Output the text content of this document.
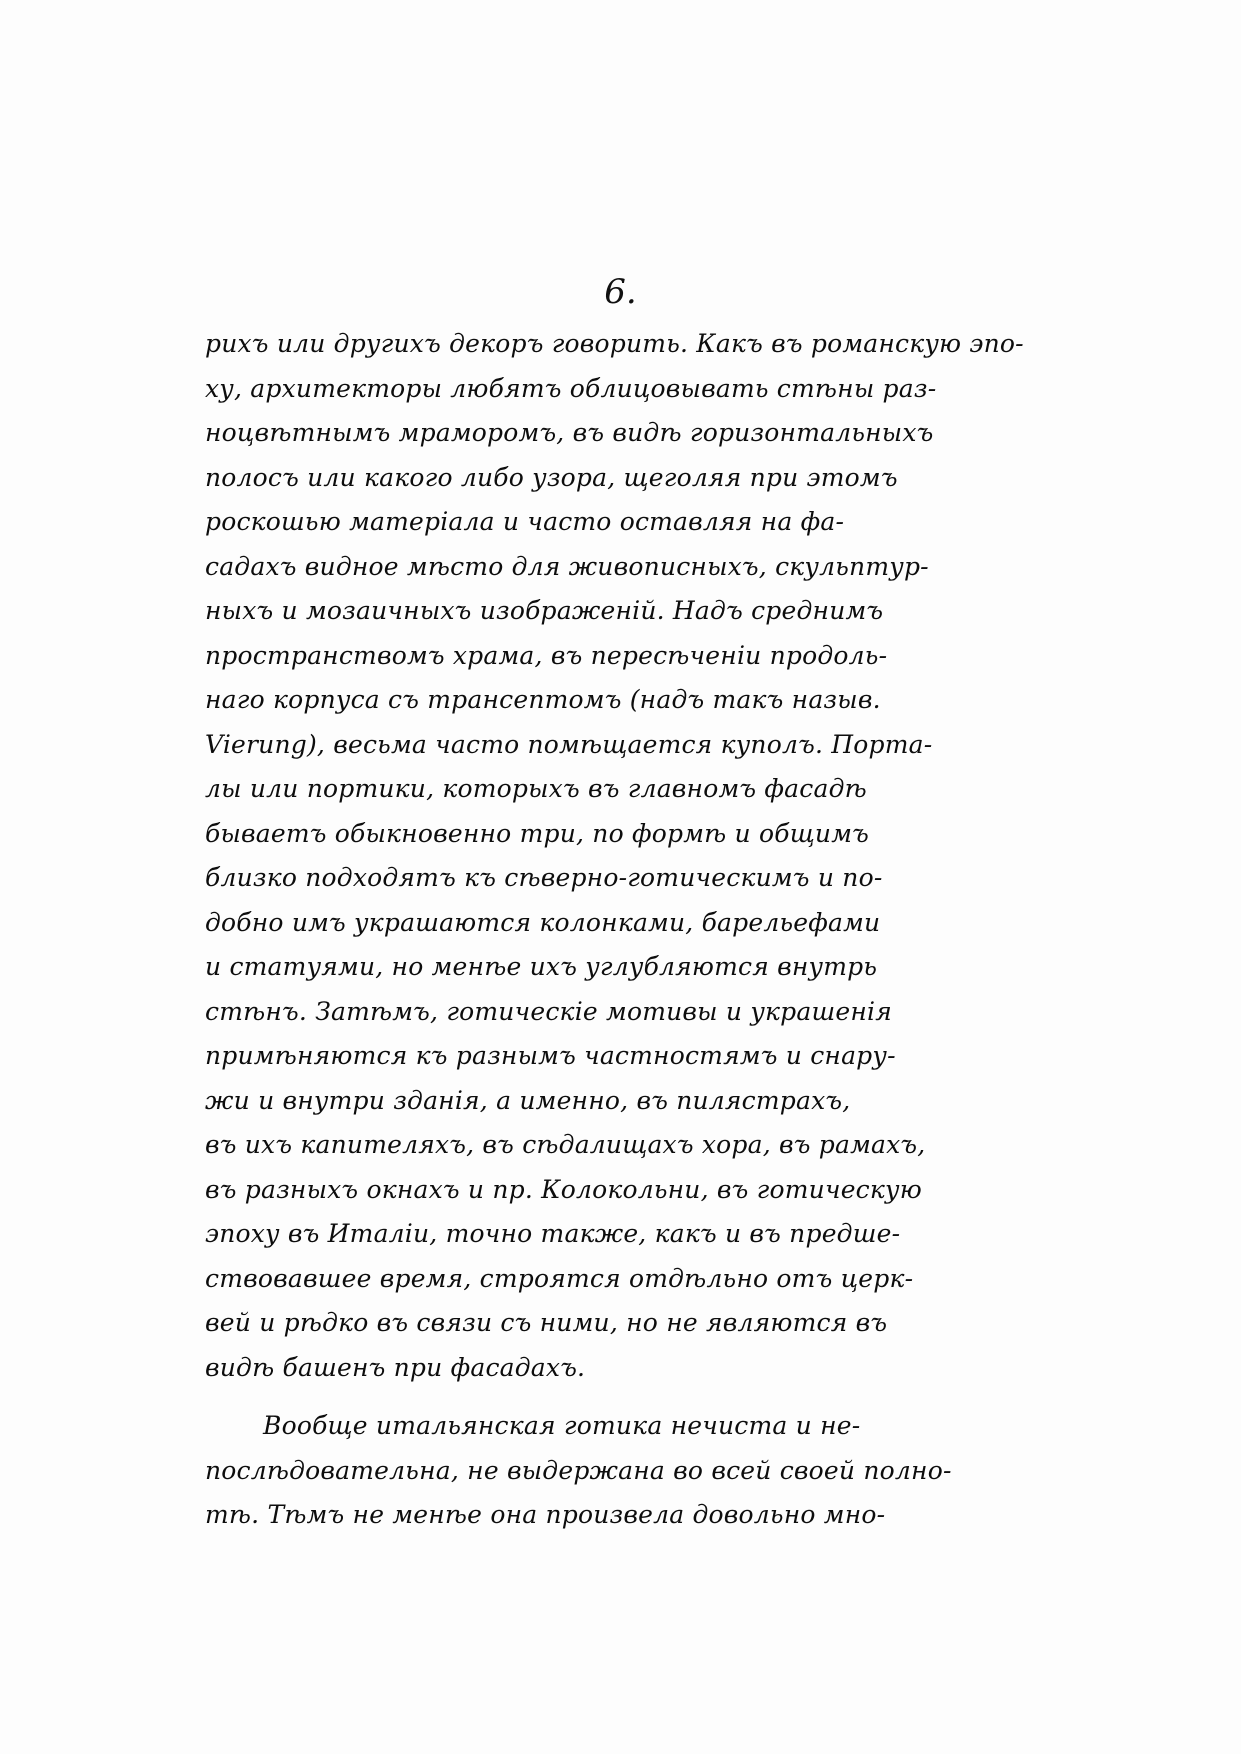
6.
рихъ или другихъ декоръ говорить. Какъ въ романскую эпо-
ху, архитекторы любятъ облицовывать стѣны раз-
ноцвѣтнымъ мраморомъ, въ видѣ горизонтальныхъ
полосъ или какого либо узора, щеголяя при этомъ
роскошью матеріала и часто оставляя на фа-
садахъ видное мѣсто для живописныхъ, скульптур-
ныхъ и мозаичныхъ изображеній. Надъ среднимъ
пространствомъ храма, въ пересѣченіи продоль-
наго корпуса съ трансептомъ (надъ такъ назыв.
Vierung), весьма часто помѣщается куполъ. Порта-
лы или портики, которыхъ въ главномъ фасадѣ
бываетъ обыкновенно три, по формѣ и общимъ
близко подходятъ къ сѣверно-готическимъ и по-
добно имъ украшаются колонками, барельефами
и статуями, но менѣе ихъ углубляются внутрь
стѣнъ. Затѣмъ, готическіе мотивы и украшенія
примѣняются къ разнымъ частностямъ и снару-
жи и внутри зданія, а именно, въ пилястрахъ,
въ ихъ капителяхъ, въ сѣдалищахъ хора, въ рамахъ,
въ разныхъ окнахъ и пр. Колокольни, въ готическую
эпоху въ Италіи, точно также, какъ и въ предше-
ствовавшее время, строятся отдѣльно отъ церк-
вей и рѣдко въ связи съ ними, но не являются въ
видѣ башенъ при фасадахъ.
Вообще итальянская готика нечиста и не-
послѣдовательна, не выдержана во всей своей полно-
тѣ. Тѣмъ не менѣе она произвела довольно мно-
